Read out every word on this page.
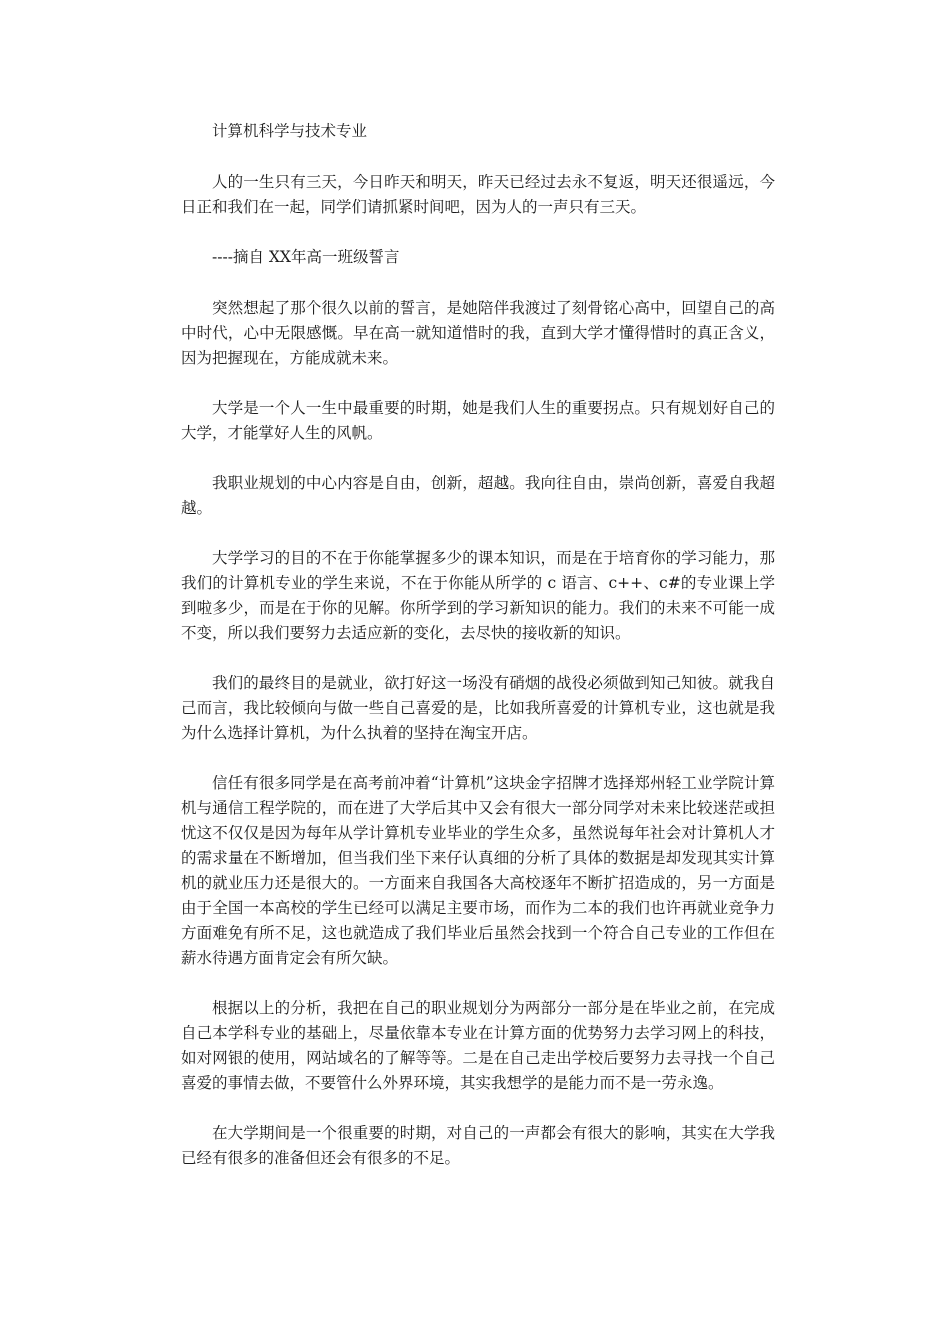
计算机科学与技术专业

人的一生只有三天，今日昨天和明天，昨天已经过去永不复返，明天还很遥远，今日正和我们在一起，同学们请抓紧时间吧，因为人的一声只有三天。

----摘自 XX年高一班级誓言

突然想起了那个很久以前的誓言，是她陪伴我渡过了刻骨铭心高中，回望自己的高中时代，心中无限感慨。早在高一就知道惜时的我，直到大学才懂得惜时的真正含义，因为把握现在，方能成就未来。

大学是一个人一生中最重要的时期，她是我们人生的重要拐点。只有规划好自己的大学，才能掌好人生的风帆。

我职业规划的中心内容是自由，创新，超越。我向往自由，崇尚创新，喜爱自我超越。

大学学习的目的不在于你能掌握多少的课本知识，而是在于培育你的学习能力，那我们的计算机专业的学生来说，不在于你能从所学的 c 语言、c++、c#的专业课上学到啦多少，而是在于你的见解。你所学到的学习新知识的能力。我们的未来不可能一成不变，所以我们要努力去适应新的变化，去尽快的接收新的知识。

我们的最终目的是就业，欲打好这一场没有硝烟的战役必须做到知己知彼。就我自己而言，我比较倾向与做一些自己喜爱的是，比如我所喜爱的计算机专业，这也就是我为什么选择计算机，为什么执着的坚持在淘宝开店。

信任有很多同学是在高考前冲着“计算机”这块金字招牌才选择郑州轻工业学院计算机与通信工程学院的，而在进了大学后其中又会有很大一部分同学对未来比较迷茫或担忧这不仅仅是因为每年从学计算机专业毕业的学生众多，虽然说每年社会对计算机人才的需求量在不断增加，但当我们坐下来仔认真细的分析了具体的数据是却发现其实计算机的就业压力还是很大的。一方面来自我国各大高校逐年不断扩招造成的，另一方面是由于全国一本高校的学生已经可以满足主要市场，而作为二本的我们也许再就业竞争力方面难免有所不足，这也就造成了我们毕业后虽然会找到一个符合自己专业的工作但在薪水待遇方面肯定会有所欠缺。

根据以上的分析，我把在自己的职业规划分为两部分一部分是在毕业之前，在完成自己本学科专业的基础上，尽量依靠本专业在计算方面的优势努力去学习网上的科技，如对网银的使用，网站域名的了解等等。二是在自己走出学校后要努力去寻找一个自己喜爱的事情去做，不要管什么外界环境，其实我想学的是能力而不是一劳永逸。

在大学期间是一个很重要的时期，对自己的一声都会有很大的影响，其实在大学我已经有很多的准备但还会有很多的不足。
